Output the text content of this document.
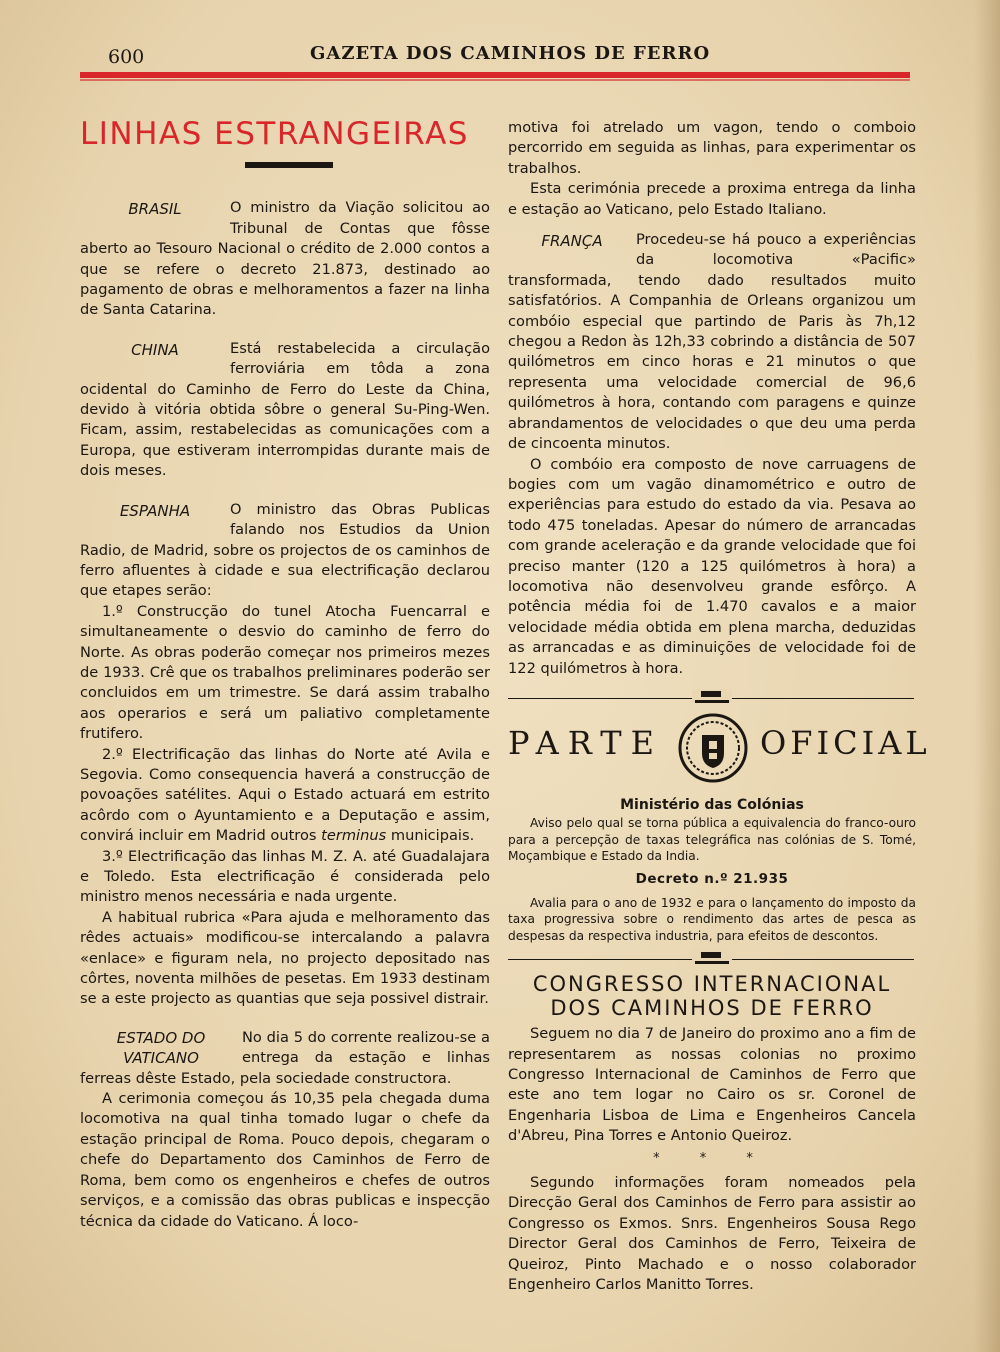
600	GAZETA DOS CAMINHOS DE FERRO
LINHAS ESTRANGEIRAS
BRASIL	O ministro da Viação solicitou ao Tribunal de Contas que fôsse aberto ao Tesouro Nacional o crédito de 2.000 contos a que se refere o decreto 21.873, destinado ao pagamento de obras e melhoramentos a fazer na linha de Santa Catarina.

CHINA	Está restabelecida a circulação ferroviária em tôda a zona ocidental do Caminho de Ferro do Leste da China, devido à vitória obtida sôbre o general Su-Ping-Wen. Ficam, assim, restabelecidas as comunicações com a Europa, que estiveram interrompidas durante mais de dois meses.

ESPANHA	O ministro das Obras Publicas falando nos Estudios da Union Radio, de Madrid, sobre os projectos de os caminhos de ferro afluentes à cidade e sua electrificação declarou que etapes serão:

1.º Construcção do tunel Atocha Fuencarral e simultaneamente o desvio do caminho de ferro do Norte. As obras poderão começar nos primeiros mezes de 1933. Crê que os trabalhos preliminares poderão ser concluidos em um trimestre. Se dará assim trabalho aos operarios e será um paliativo completamente frutifero.

2.º Electrificação das linhas do Norte até Avila e Segovia. Como consequencia haverá a construcção de povoações satélites. Aqui o Estado actuará em estrito acôrdo com o Ayuntamiento e a Deputação e assim, convirá incluir em Madrid outros terminus municipais.

3.º Electrificação das linhas M. Z. A. até Guadalajara e Toledo. Esta electrificação é considerada pelo ministro menos necessária e nada urgente.

A habitual rubrica «Para ajuda e melhoramento das rêdes actuais» modificou-se intercalando a palavra «enlace» e figuram nela, no projecto depositado nas côrtes, noventa milhões de pesetas. Em 1933 destinam se a este projecto as quantias que seja possivel distrair.

ESTADO DO
VATICANO

No dia 5 do corrente realizou-se a entrega da estação e linhas ferreas dêste Estado, pela sociedade constructora.

A cerimonia começou ás 10,35 pela chegada duma locomotiva na qual tinha tomado lugar o chefe da estação principal de Roma. Pouco depois, chegaram o chefe do Departamento dos Caminhos de Ferro de Roma, bem como os engenheiros e chefes de outros serviços, e a comissão das obras publicas e inspecção técnica da cidade do Vaticano. Á loco-

motiva foi atrelado um vagon, tendo o comboio percorrido em seguida as linhas, para experimentar os trabalhos.

Esta cerimónia precede a proxima entrega da linha e estação ao Vaticano, pelo Estado Italiano.

FRANÇA	Procedeu-se há pouco a experiências da locomotiva «Pacific» transformada, tendo dado resultados muito satisfatórios. A Companhia de Orleans organizou um combóio especial que partindo de Paris às 7h,12 chegou a Redon às 12h,33 cobrindo a distância de 507 quilómetros em cinco horas e 21 minutos o que representa uma velocidade comercial de 96,6 quilómetros à hora, contando com paragens e quinze abrandamentos de velocidades o que deu uma perda de cincoenta minutos.

O combóio era composto de nove carruagens de bogies com um vagão dinamométrico e outro de experiências para estudo do estado da via. Pesava ao todo 475 toneladas. Apesar do número de arrancadas com grande aceleração e da grande velocidade que foi preciso manter (120 a 125 quilómetros à hora) a locomotiva não desenvolveu grande esfôrço. A potência média foi de 1.470 cavalos e a maior velocidade média obtida em plena marcha, deduzidas as arrancadas e as diminuições de velocidade foi de 122 quilómetros à hora.

PARTE	OFICIAL
Ministério das Colónias

Aviso pelo qual se torna pública a equivalencia do franco-ouro para a percepção de taxas telegráfica nas colónias de S. Tomé, Moçambique e Estado da India.

Decreto n.º 21.935

Avalia para o ano de 1932 e para o lançamento do imposto da taxa progressiva sobre o rendimento das artes de pesca as despesas da respectiva industria, para efeitos de descontos.

CONGRESSO INTERNACIONAL
DOS CAMINHOS DE FERRO

Seguem no dia 7 de Janeiro do proximo ano a fim de representarem as nossas colonias no proximo Congresso Internacional de Caminhos de Ferro que este ano tem logar no Cairo os sr. Coronel de Engenharia Lisboa de Lima e Engenheiros Cancela d'Abreu, Pina Torres e Antonio Queiroz.

* * *

Segundo informações foram nomeados pela Direcção Geral dos Caminhos de Ferro para assistir ao Congresso os Exmos. Snrs. Engenheiros Sousa Rego Director Geral dos Caminhos de Ferro, Teixeira de Queiroz, Pinto Machado e o nosso colaborador Engenheiro Carlos Manitto Torres.
